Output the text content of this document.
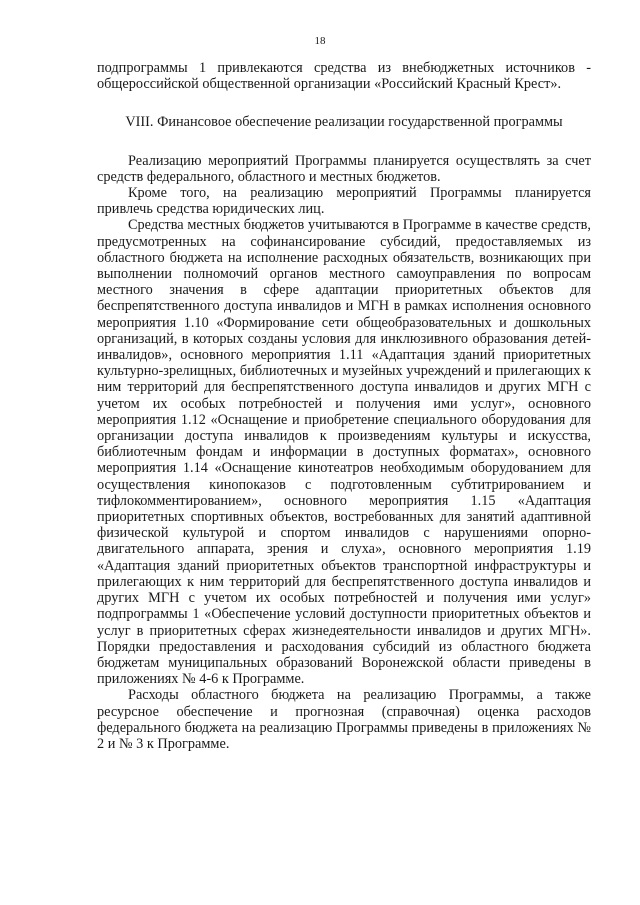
18

подпрограммы 1 привлекаются средства из внебюджетных источников - общероссийской общественной организации «Российский Красный Крест».

VIII. Финансовое обеспечение реализации государственной программы

Реализацию мероприятий Программы планируется осуществлять за счет средств федерального, областного и местных бюджетов.

Кроме того, на реализацию мероприятий Программы планируется привлечь средства юридических лиц.

Средства местных бюджетов учитываются в Программе в качестве средств, предусмотренных на софинансирование субсидий, предоставляемых из областного бюджета на исполнение расходных обязательств, возникающих при выполнении полномочий органов местного самоуправления по вопросам местного значения в сфере адаптации приоритетных объектов для беспрепятственного доступа инвалидов и МГН в рамках исполнения основного мероприятия 1.10 «Формирование сети общеобразовательных и дошкольных организаций, в которых созданы условия для инклюзивного образования детей-инвалидов», основного мероприятия 1.11 «Адаптация зданий приоритетных культурно-зрелищных, библиотечных и музейных учреждений и прилегающих к ним территорий для беспрепятственного доступа инвалидов и других МГН с учетом их особых потребностей и получения ими услуг», основного мероприятия 1.12 «Оснащение и приобретение специального оборудования для организации доступа инвалидов к произведениям культуры и искусства, библиотечным фондам и информации в доступных форматах», основного мероприятия 1.14 «Оснащение кинотеатров необходимым оборудованием для осуществления кинопоказов с подготовленным субтитрированием и тифлокомментированием», основного мероприятия 1.15 «Адаптация приоритетных спортивных объектов, востребованных для занятий адаптивной физической культурой и спортом инвалидов с нарушениями опорно-двигательного аппарата, зрения и слуха», основного мероприятия 1.19 «Адаптация зданий приоритетных объектов транспортной инфраструктуры и прилегающих к ним территорий для беспрепятственного доступа инвалидов и других МГН с учетом их особых потребностей и получения ими услуг» подпрограммы 1 «Обеспечение условий доступности приоритетных объектов и услуг в приоритетных сферах жизнедеятельности инвалидов и других МГН». Порядки предоставления и расходования субсидий из областного бюджета бюджетам муниципальных образований Воронежской области приведены в приложениях № 4-6 к Программе.

Расходы областного бюджета на реализацию Программы, а также ресурсное обеспечение и прогнозная (справочная) оценка расходов федерального бюджета на реализацию Программы приведены в приложениях № 2 и № 3 к Программе.
